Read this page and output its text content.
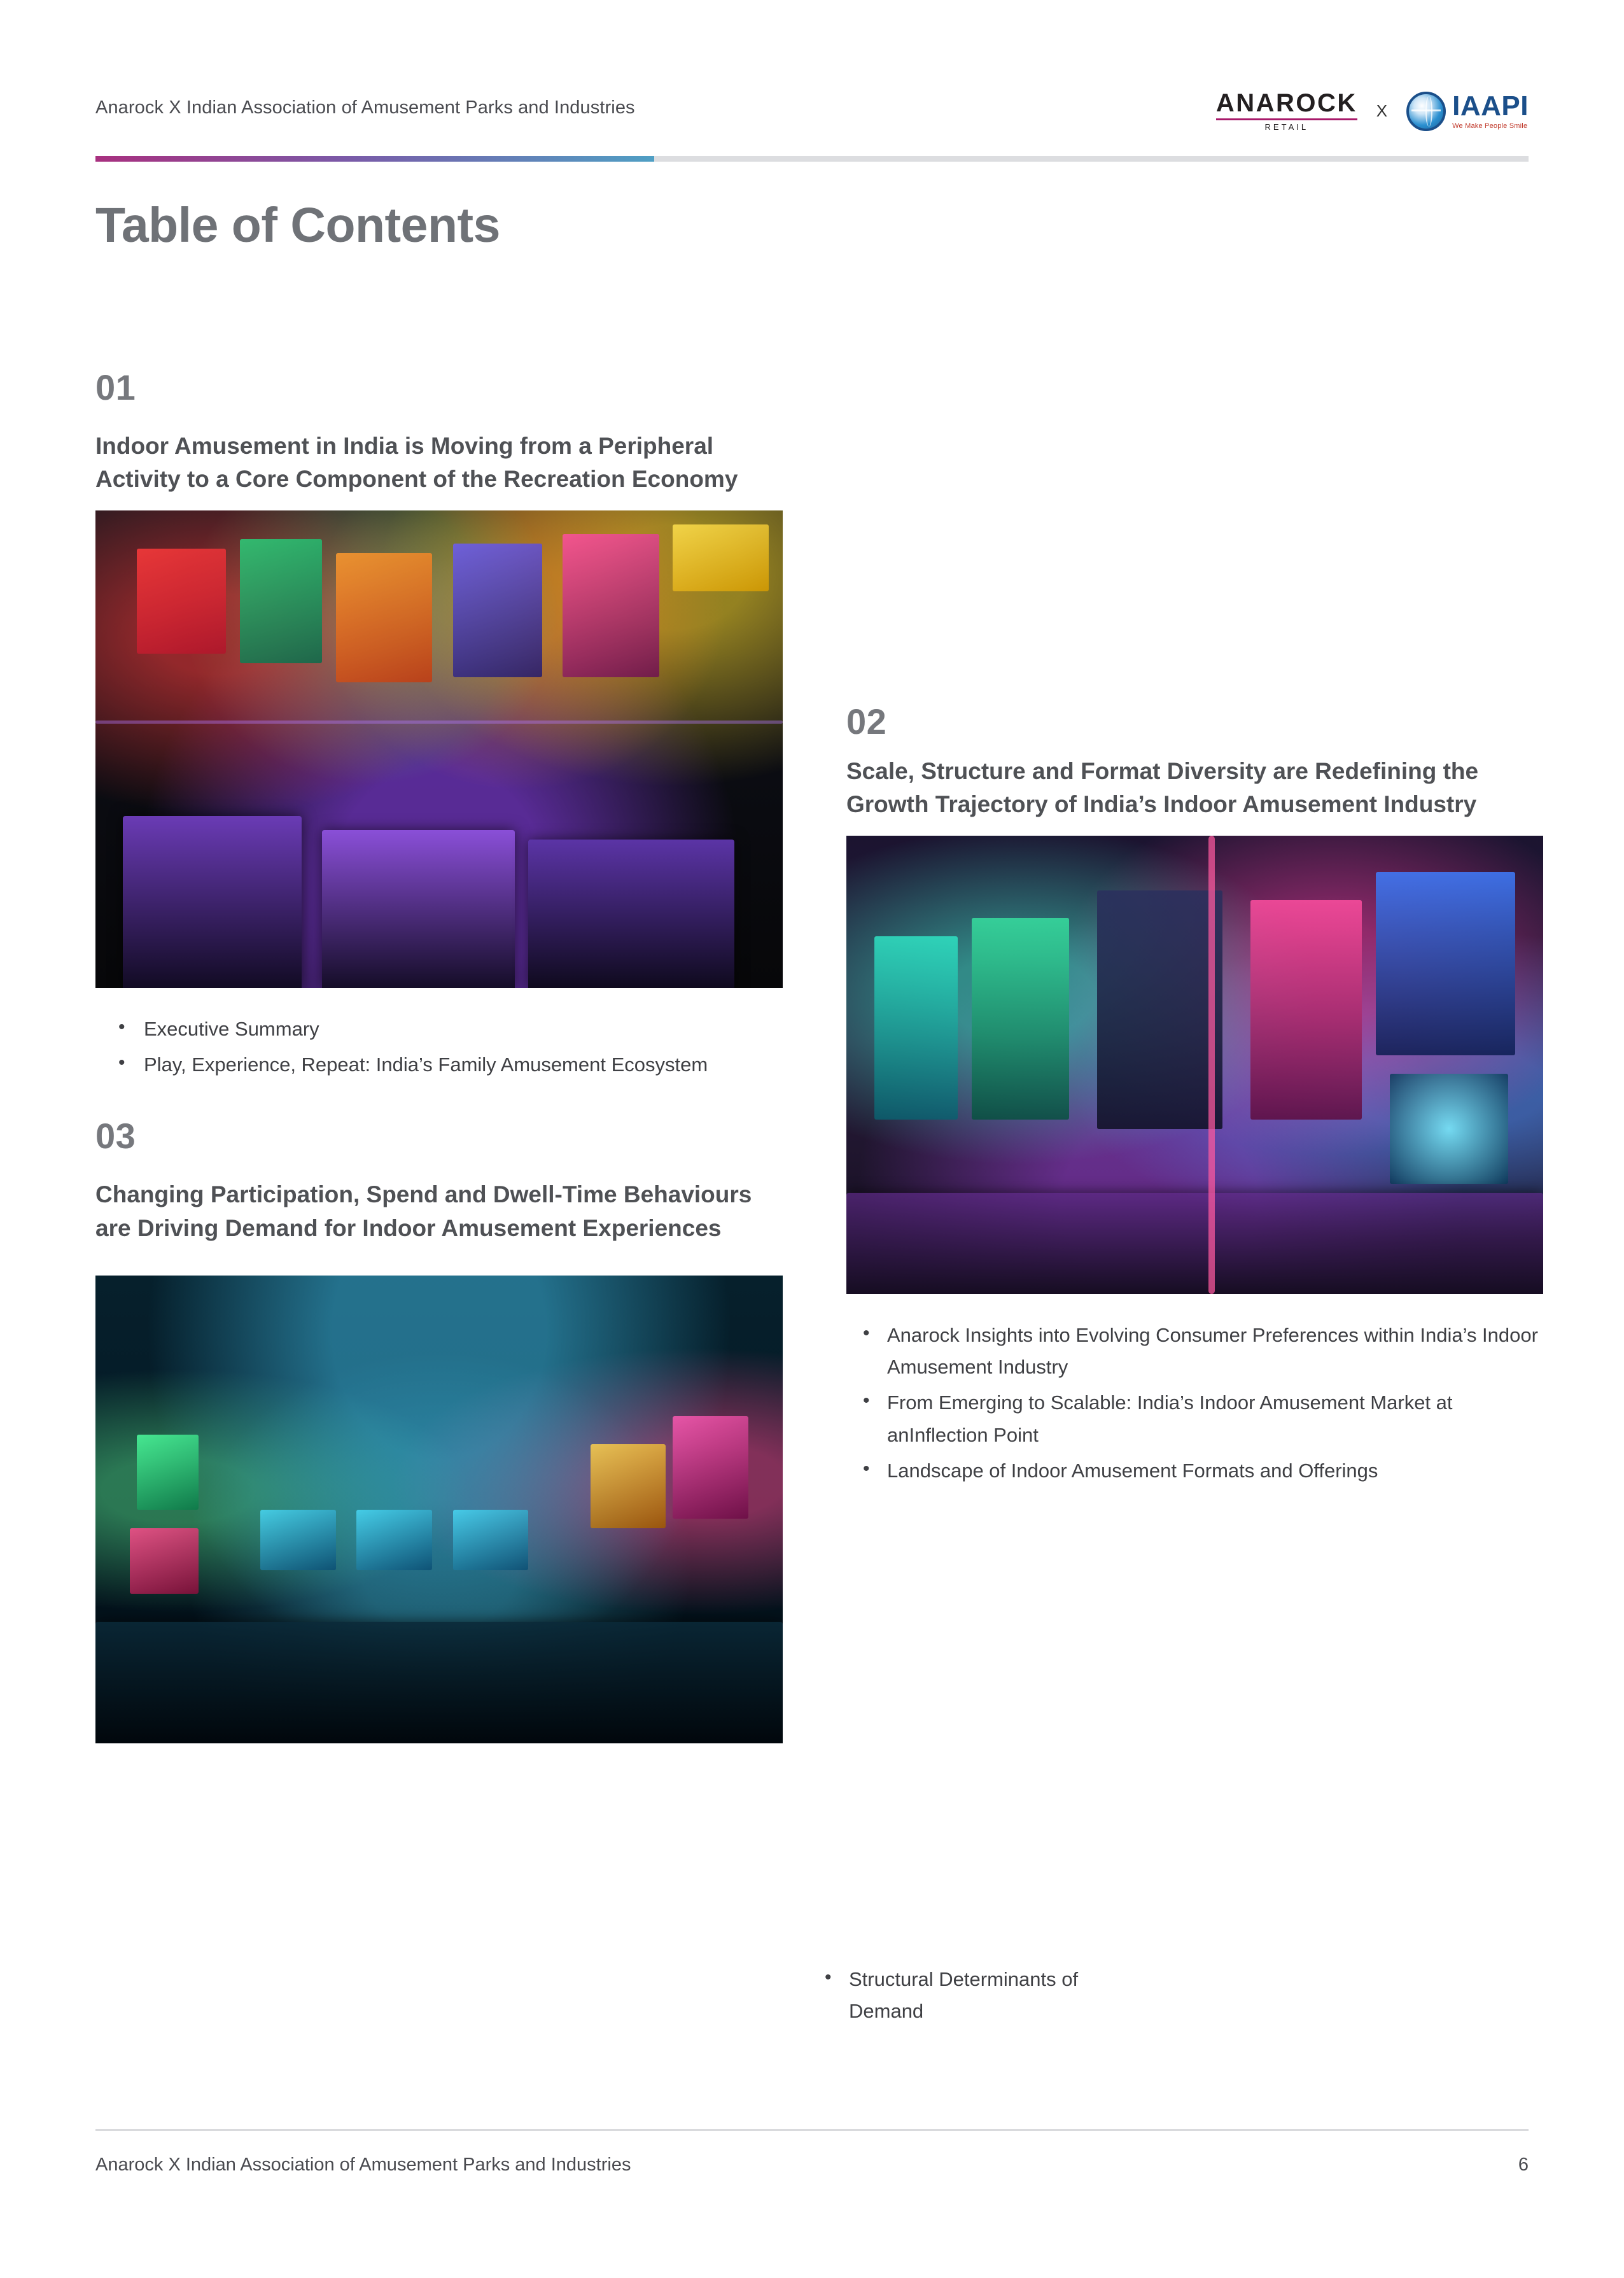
Anarock X Indian Association of Amusement Parks and Industries	ANAROCK
RETAIL
X IAAPI
We Make People Smile
Table of Contents
01
Indoor Amusement in India is Moving from a Peripheral Activity to a Core Component of the Recreation Economy
• Executive Summary
• Play, Experience, Repeat: India’s Family Amusement Ecosystem
03
Changing Participation, Spend and Dwell-Time Behaviours are Driving Demand for Indoor Amusement Experiences
02
Scale, Structure and Format Diversity are Redefining the Growth Trajectory of India’s Indoor Amusement Industry
• Anarock Insights into Evolving Consumer Preferences within India’s Indoor Amusement Industry
• From Emerging to Scalable: India’s Indoor Amusement Market at anInflection Point
• Landscape of Indoor Amusement Formats and Offerings
• Structural Determinants of Demand
Anarock X Indian Association of Amusement Parks and Industries	6
